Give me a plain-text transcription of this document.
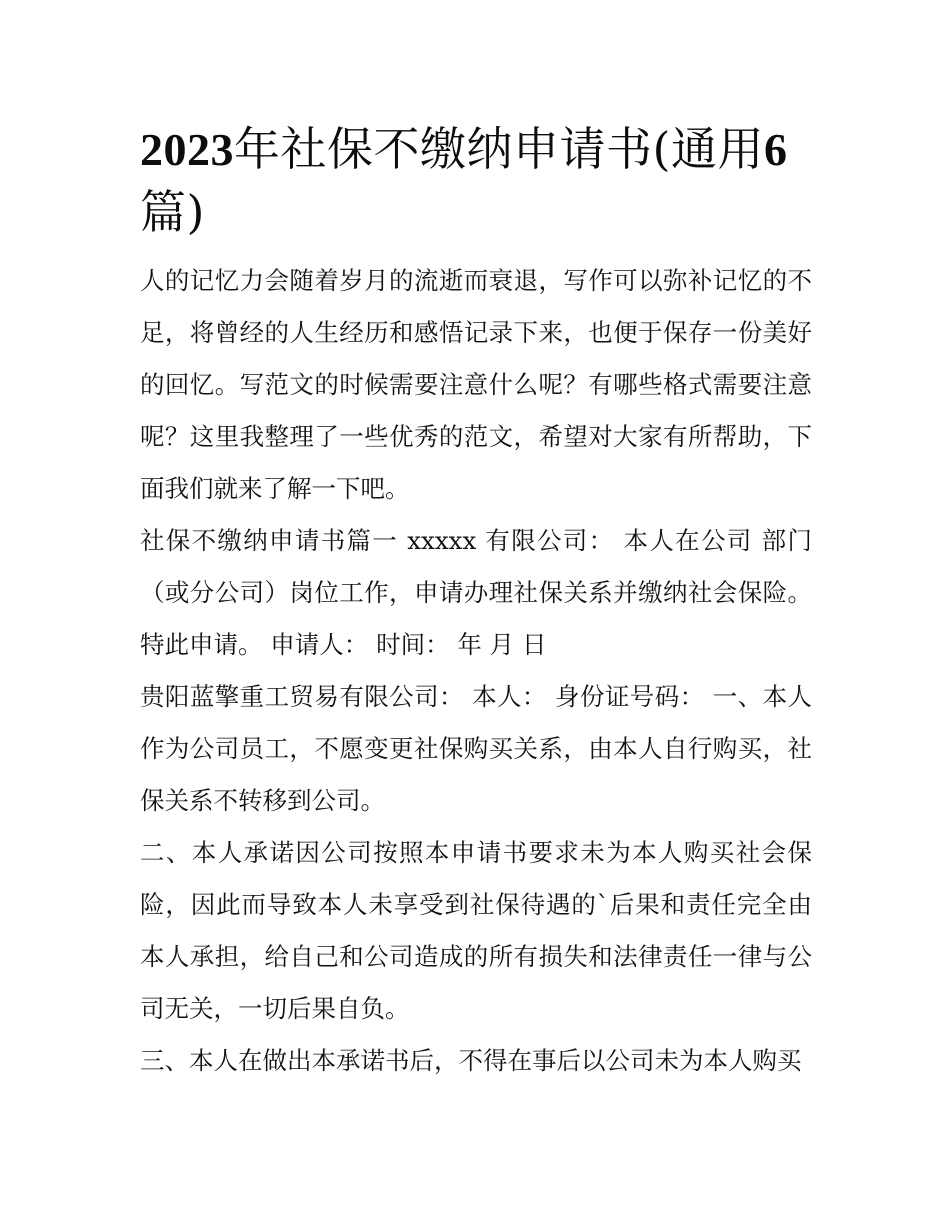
2023年社保不缴纳申请书(通用6篇)

人的记忆力会随着岁月的流逝而衰退，写作可以弥补记忆的不足，将曾经的人生经历和感悟记录下来，也便于保存一份美好的回忆。写范文的时候需要注意什么呢？有哪些格式需要注意呢？这里我整理了一些优秀的范文，希望对大家有所帮助，下面我们就来了解一下吧。

社保不缴纳申请书篇一 xxxxx 有限公司： 本人在公司 部门 （或分公司）岗位工作，申请办理社保关系并缴纳社会保险。特此申请。 申请人： 时间： 年 月 日

贵阳蓝擎重工贸易有限公司： 本人： 身份证号码： 一、本人作为公司员工，不愿变更社保购买关系，由本人自行购买，社保关系不转移到公司。

二、本人承诺因公司按照本申请书要求未为本人购买社会保险，因此而导致本人未享受到社保待遇的`后果和责任完全由本人承担，给自己和公司造成的所有损失和法律责任一律与公司无关，一切后果自负。

三、本人在做出本承诺书后，不得在事后以公司未为本人购买
